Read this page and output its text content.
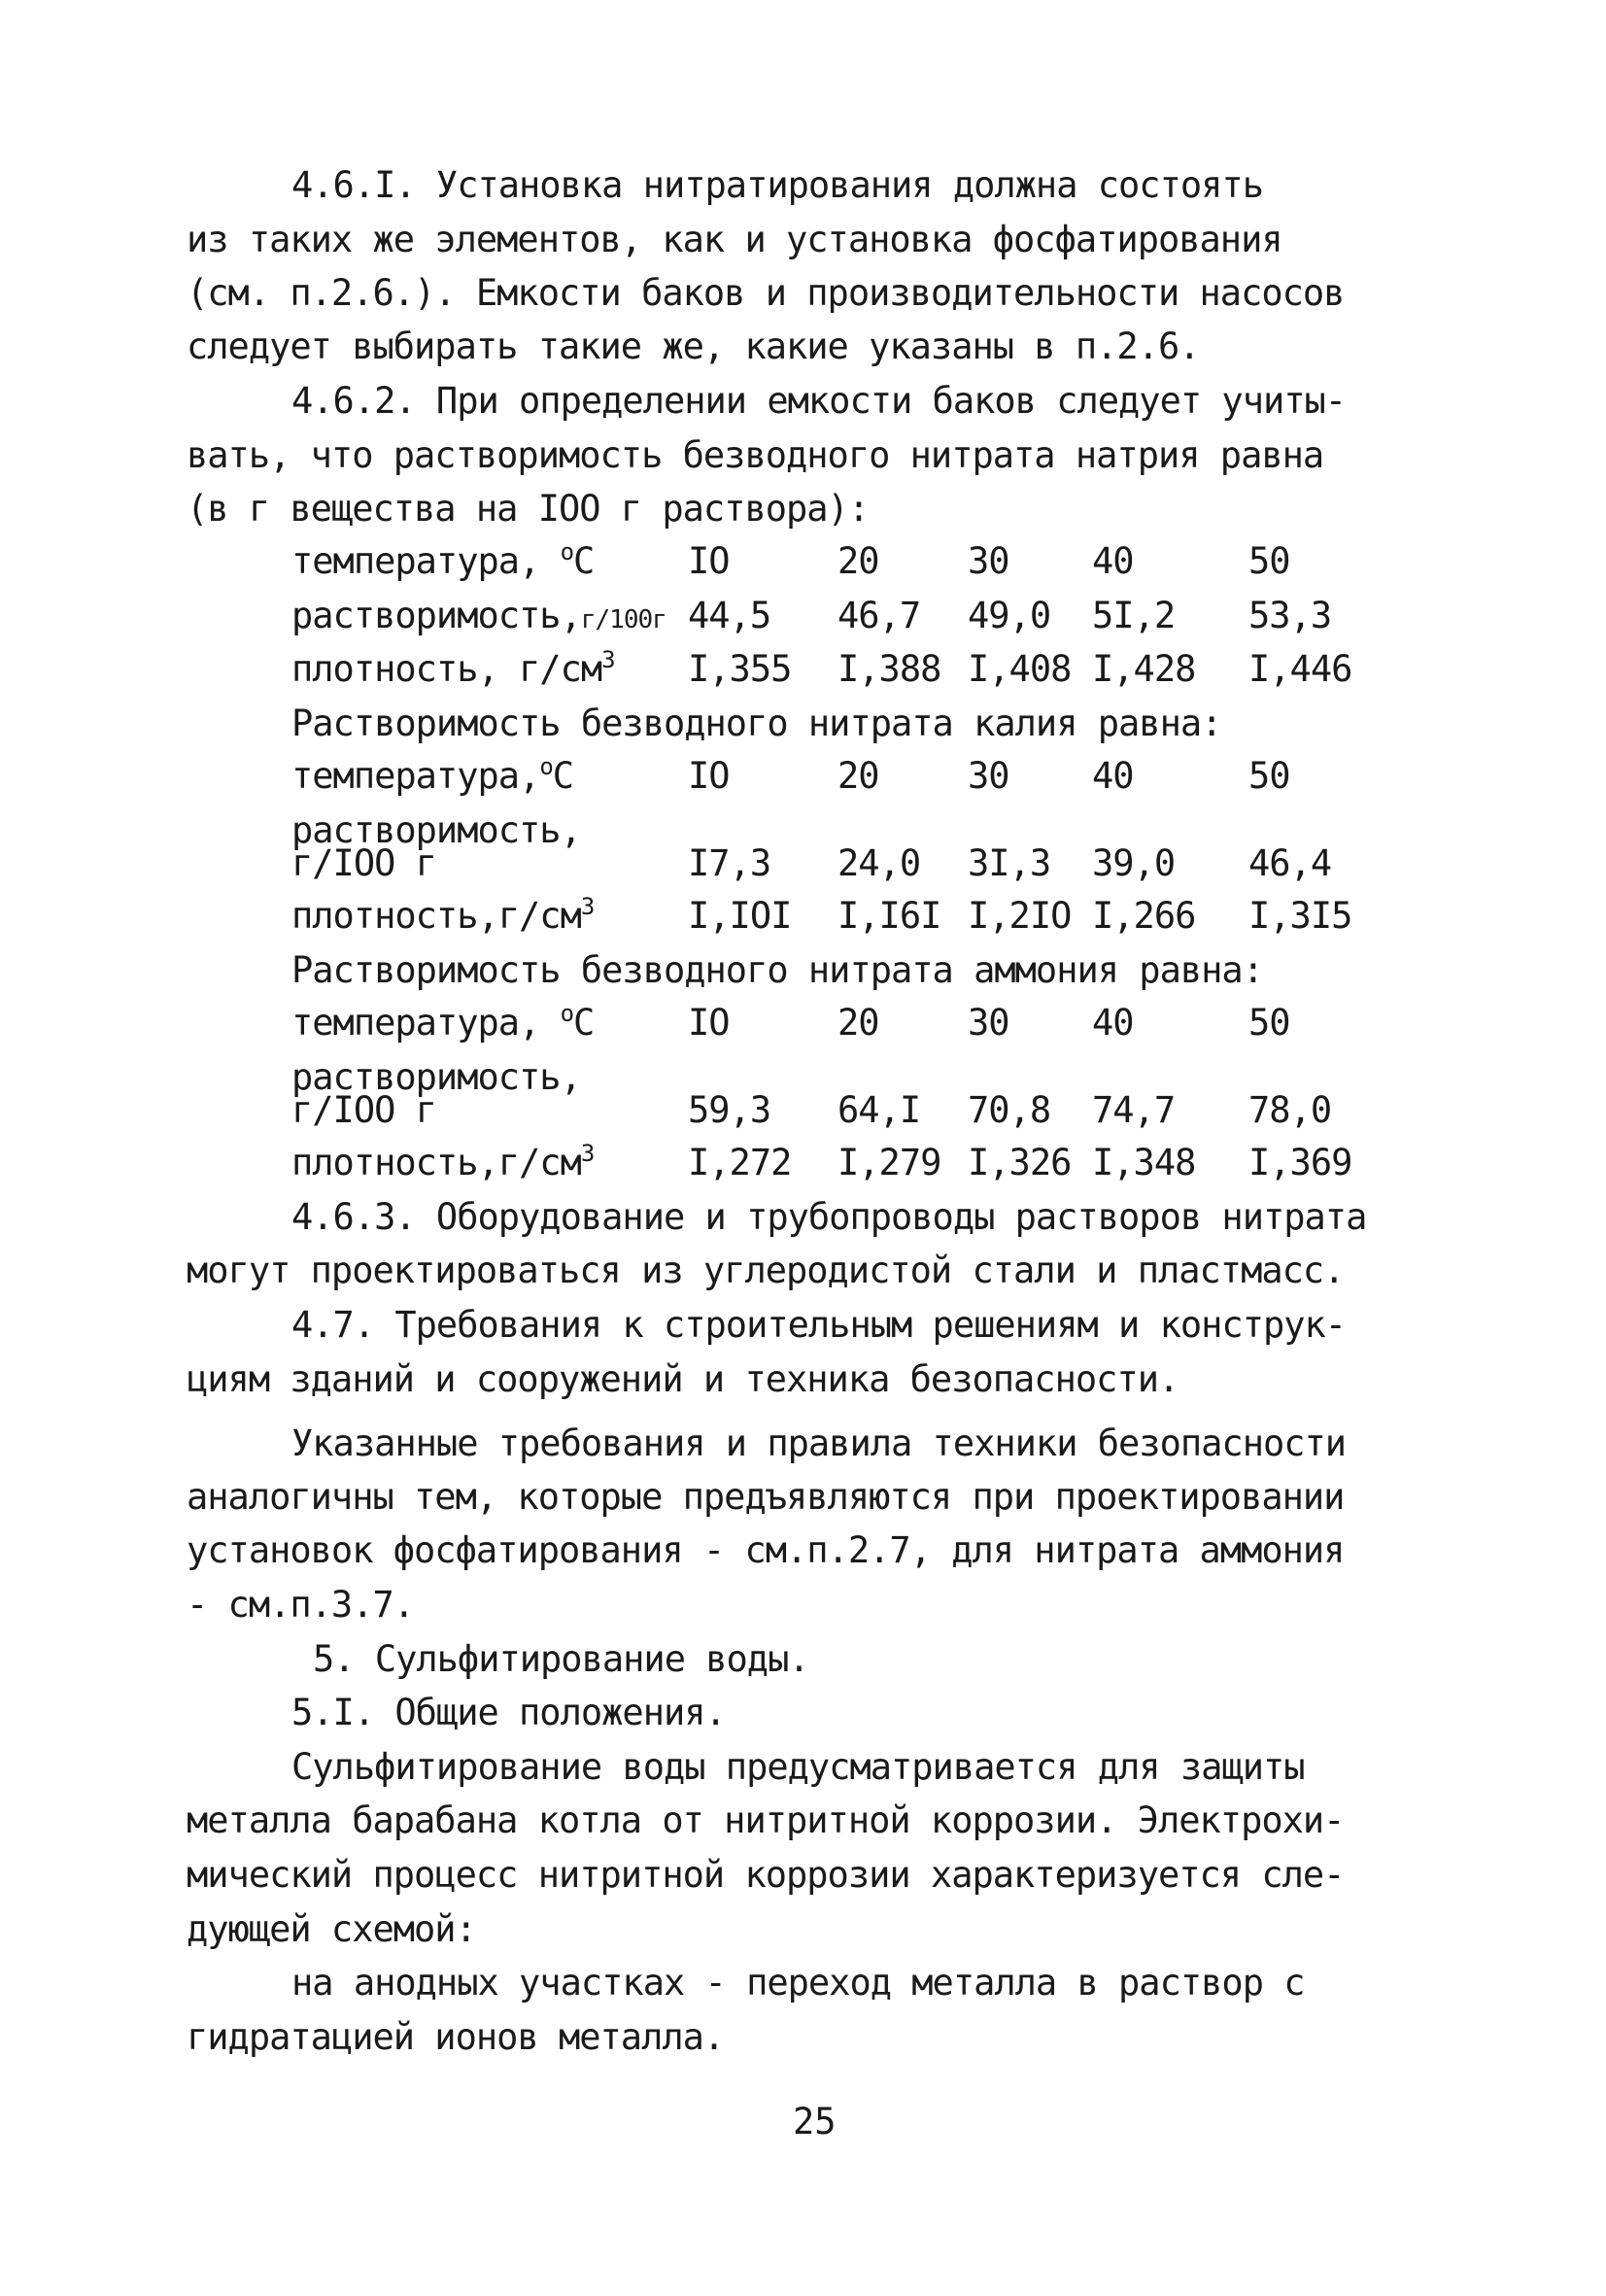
4.6.I. Установка нитратирования должна состоять
из таких же элементов, как и установка фосфатирования
(см. п.2.6.). Емкости баков и производительности насосов
следует выбирать такие же, какие указаны в п.2.6.
4.6.2. При определении емкости баков следует учиты-
вать, что растворимость безводного нитрата натрия равна
(в г вещества на IOO г раствора):
температура, $^о$С	IO	20 30 40	50
растворимость,г/100г 44,5 46,7 49,0 5I,2 53,3
плотность, $г/см^3$ I,355 I,388 I,408 I,428 I,446
Растворимость безводного нитрата калия равна:
температура,$^о$С	IO	20 30 40	50
растворимость,
г/IOO г	I7,3 24,0 3I,3 39,0 46,4
$плотность,г/см^3$	I,IOI I,I6I I,2IO I,266 I,3I5
Растворимость безводного нитрата аммония равна:
температура, $^о$С	IO	20 30 40	50
растворимость,
г/IOO г	59,3 64,I 70,8 74,7 78,0
$плотность,г/см^3$	I,272 I,279 I,326 I,348 I,369
4.6.3. Оборудование и трубопроводы растворов нитрата
могут проектироваться из углеродистой стали и пластмасс.
4.7. Требования к строительным решениям и конструк-
циям зданий и сооружений и техника безопасности.
Указанные требования и правила техники безопасности
аналогичны тем, которые предъявляются при проектировании
установок фосфатирования - см.п.2.7, для нитрата аммония
- см.п.3.7.
5. Сульфитирование воды.
5.I. Общие положения.
Сульфитирование воды предусматривается для защиты
металла барабана котла от нитритной коррозии. Электрохи-
мический процесс нитритной коррозии характеризуется сле-
дующей схемой:
на анодных участках - переход металла в раствор с
гидратацией ионов металла.
25
